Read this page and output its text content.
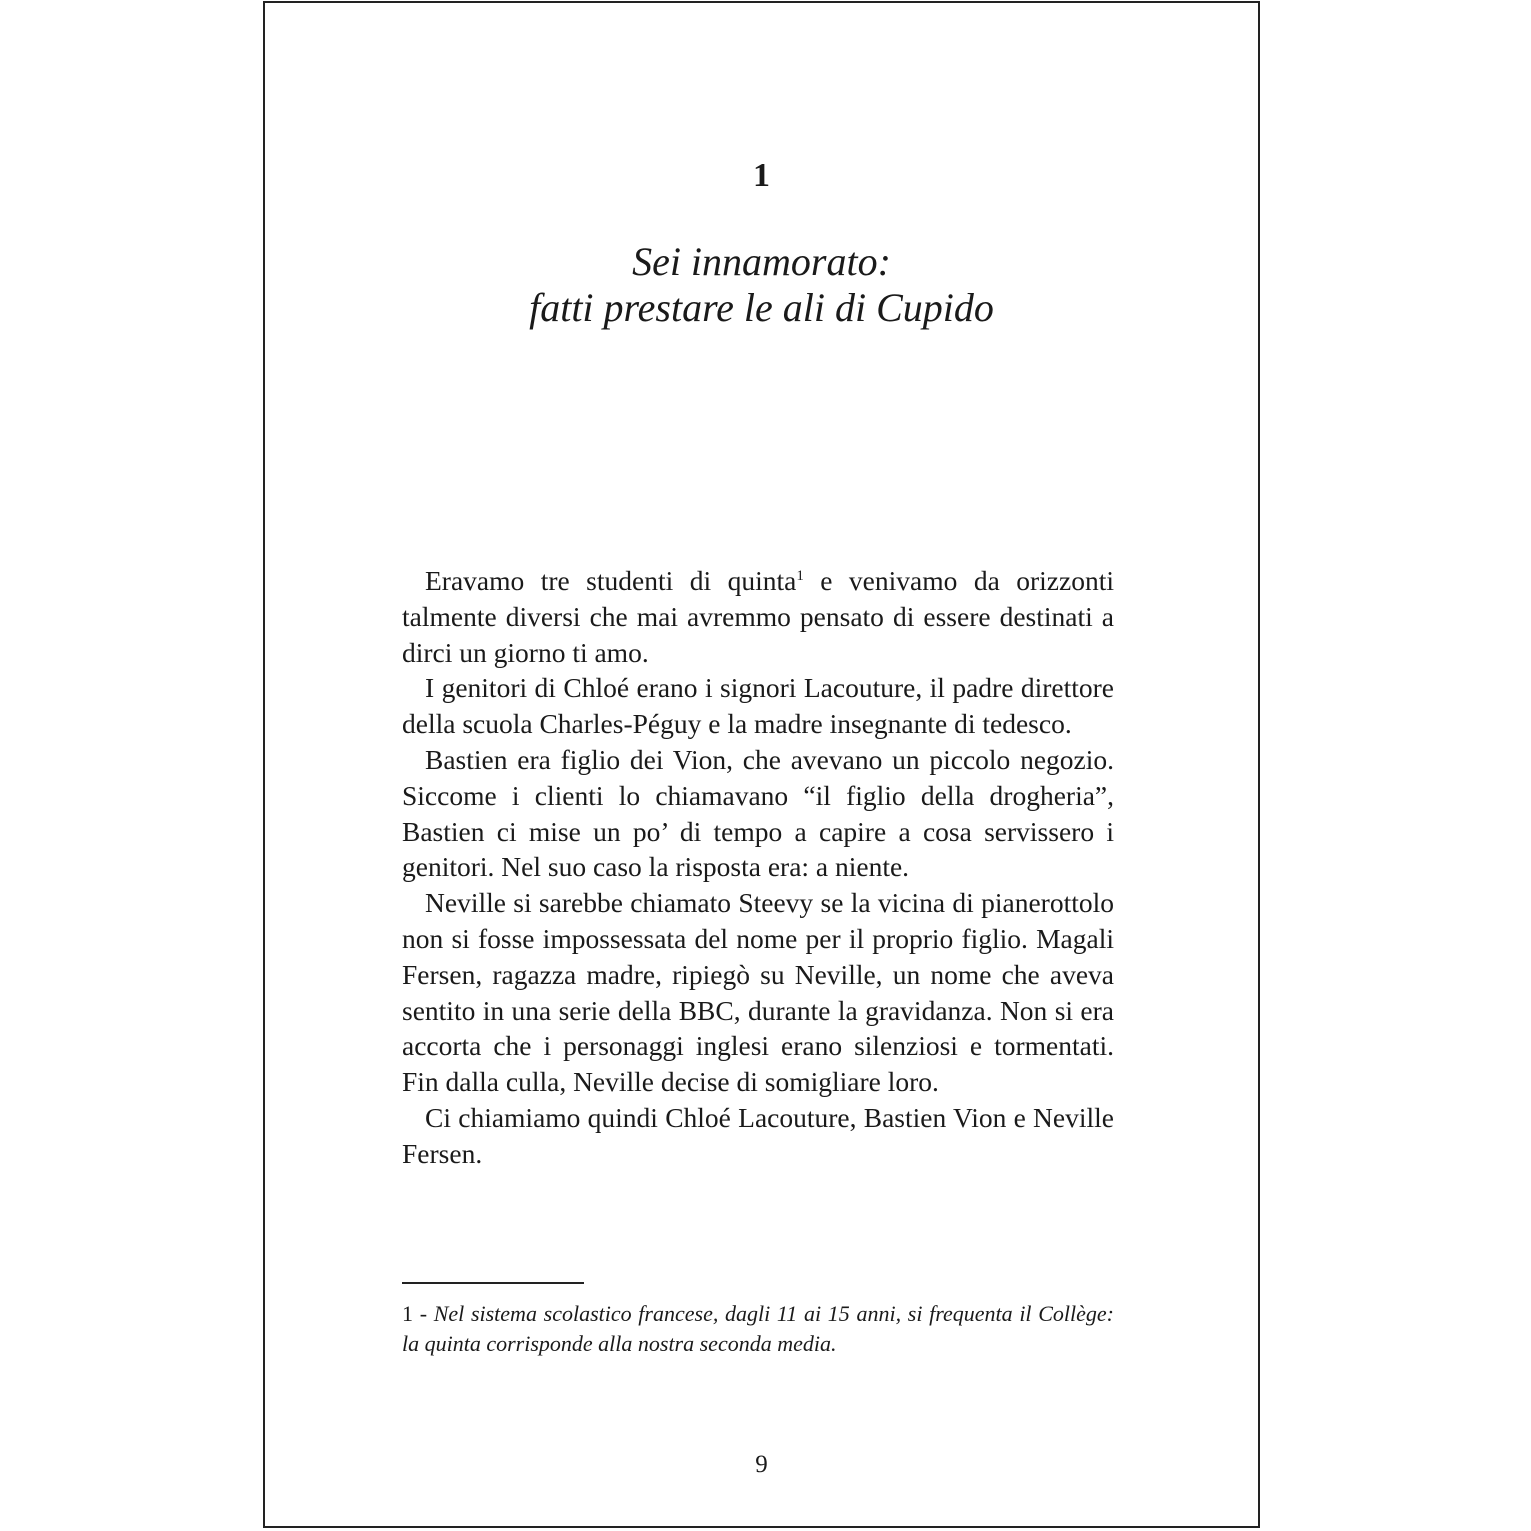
1
Sei innamorato:
fatti prestare le ali di Cupido

Eravamo tre studenti di quinta$^1$ e venivamo da orizzonti talmente diversi che mai avremmo pensato di essere destinati a dirci un giorno ti amo.

I genitori di Chloé erano i signori Lacouture, il padre direttore della scuola Charles-Péguy e la madre insegnante di tedesco.

Bastien era figlio dei Vion, che avevano un piccolo negozio. Siccome i clienti lo chiamavano “il figlio della drogheria”, Bastien ci mise un po’ di tempo a capire a cosa servissero i genitori. Nel suo caso la risposta era: a niente.

Neville si sarebbe chiamato Steevy se la vicina di pianerottolo non si fosse impossessata del nome per il proprio figlio. Magali Fersen, ragazza madre, ripiegò su Neville, un nome che aveva sentito in una serie della BBC, durante la gravidanza. Non si era accorta che i personaggi inglesi erano silenziosi e tormentati. Fin dalla culla, Neville decise di somigliare loro.

Ci chiamiamo quindi Chloé Lacouture, Bastien Vion e Neville Fersen.

1 - Nel sistema scolastico francese, dagli 11 ai 15 anni, si frequenta il Collège: la quinta corrisponde alla nostra seconda media.
9
